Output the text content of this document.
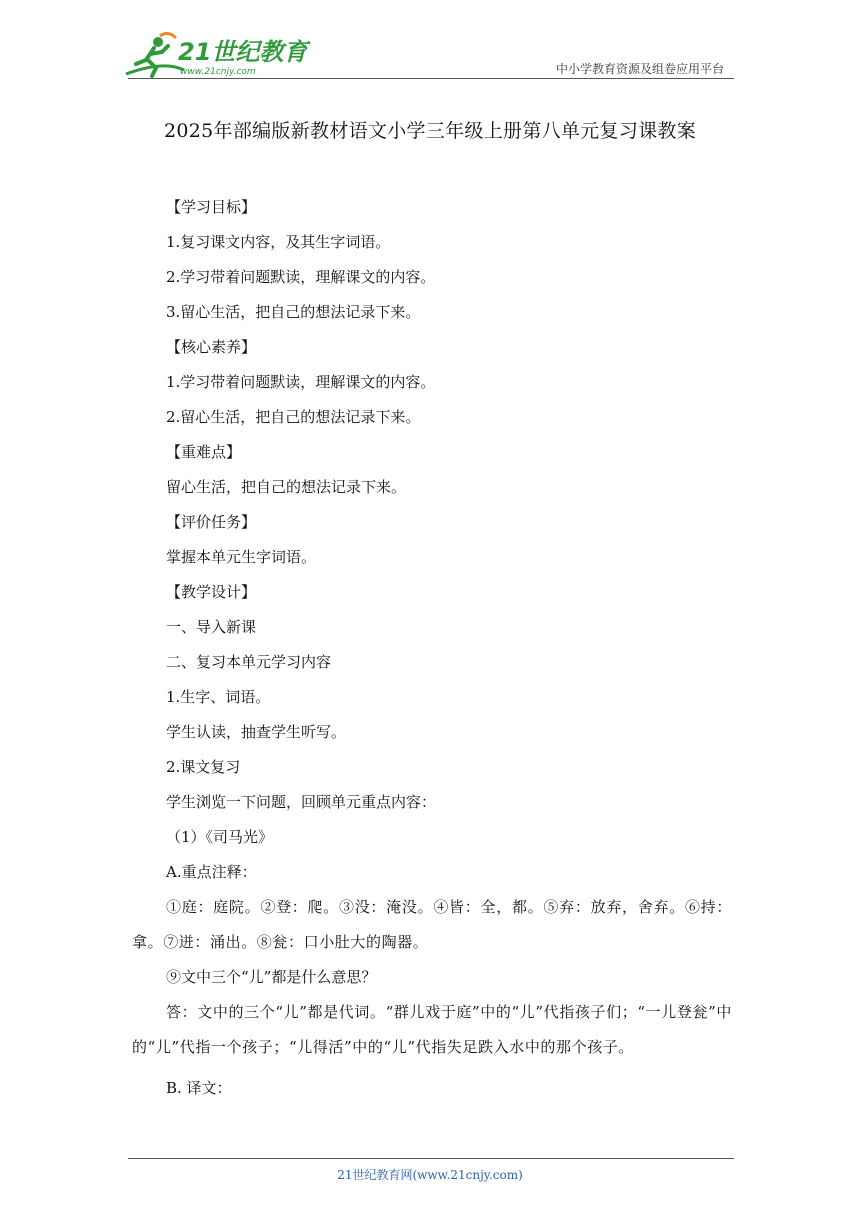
21世纪教育
www.21cnjy.com	中小学教育资源及组卷应用平台
2025年部编版新教材语文小学三年级上册第八单元复习课教案

【学习目标】

1.复习课文内容，及其生字词语。

2.学习带着问题默读，理解课文的内容。

3.留心生活，把自己的想法记录下来。

【核心素养】

1.学习带着问题默读，理解课文的内容。

2.留心生活，把自己的想法记录下来。

【重难点】

留心生活，把自己的想法记录下来。

【评价任务】

掌握本单元生字词语。

【教学设计】

一、导入新课

二、复习本单元学习内容

1.生字、词语。

学生认读，抽查学生听写。

2.课文复习

学生浏览一下问题，回顾单元重点内容：

（1）《司马光》

A.重点注释：

①庭：庭院。②登：爬。③没：淹没。④皆：全，都。⑤弃：放弃，舍弃。⑥持：拿。⑦迸：涌出。⑧瓮：口小肚大的陶器。

⑨文中三个“儿”都是什么意思？

答：文中的三个“儿”都是代词。“群儿戏于庭”中的“儿”代指孩子们；“一儿登瓮”中的“儿”代指一个孩子；“儿得活”中的“儿”代指失足跌入水中的那个孩子。

B. 译文：

21世纪教育网(www.21cnjy.com)
